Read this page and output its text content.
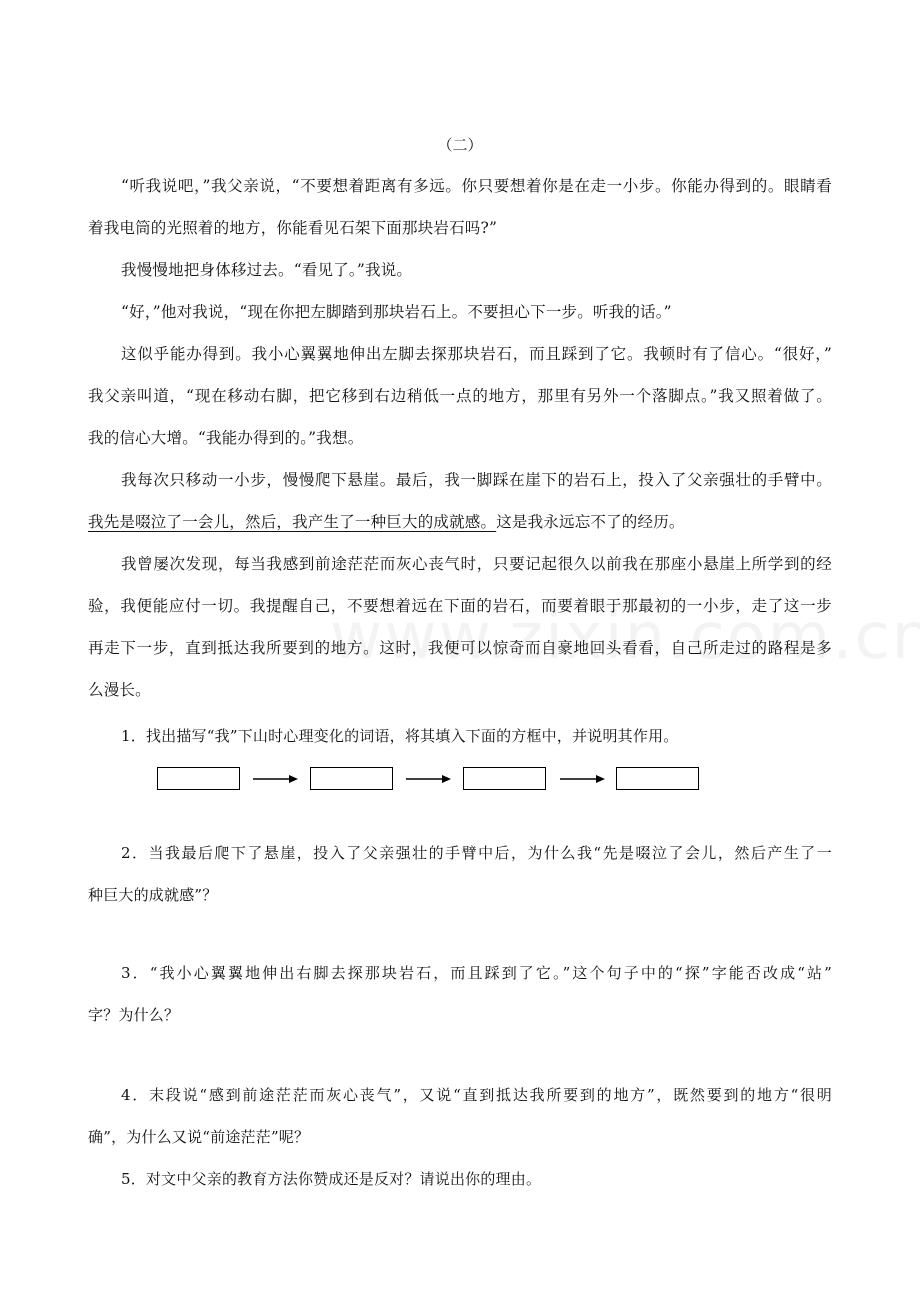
（二）
“听我说吧，”我父亲说，“不要想着距离有多远。你只要想着你是在走一小步。你能办得到的。眼睛看
着我电筒的光照着的地方，你能看见石架下面那块岩石吗?”
我慢慢地把身体移过去。“看见了。”我说。
“好，”他对我说，“现在你把左脚踏到那块岩石上。不要担心下一步。听我的话。”
这似乎能办得到。我小心翼翼地伸出左脚去探那块岩石，而且踩到了它。我顿时有了信心。“很好，”
我父亲叫道，“现在移动右脚，把它移到右边稍低一点的地方，那里有另外一个落脚点。”我又照着做了。
我的信心大增。“我能办得到的。”我想。
我每次只移动一小步，慢慢爬下悬崖。最后，我一脚踩在崖下的岩石上，投入了父亲强壮的手臂中。
我先是啜泣了一会儿，然后，我产生了一种巨大的成就感。这是我永远忘不了的经历。
我曾屡次发现，每当我感到前途茫茫而灰心丧气时，只要记起很久以前我在那座小悬崖上所学到的经
验，我便能应付一切。我提醒自己，不要想着远在下面的岩石，而要着眼于那最初的一小步，走了这一步
再走下一步，直到抵达我所要到的地方。这时，我便可以惊奇而自豪地回头看看，自己所走过的路程是多
么漫长。
1．找出描写“我”下山时心理变化的词语，将其填入下面的方框中，并说明其作用。
2．当我最后爬下了悬崖，投入了父亲强壮的手臂中后，为什么我“先是啜泣了会儿，然后产生了一
种巨大的成就感”？
3．“我小心翼翼地伸出右脚去探那块岩石，而且踩到了它。”这个句子中的“探”字能否改成“站”
字？为什么？
4．末段说“感到前途茫茫而灰心丧气”，又说“直到抵达我所要到的地方”，既然要到的地方“很明
确”，为什么又说“前途茫茫”呢？
5．对文中父亲的教育方法你赞成还是反对？请说出你的理由。
